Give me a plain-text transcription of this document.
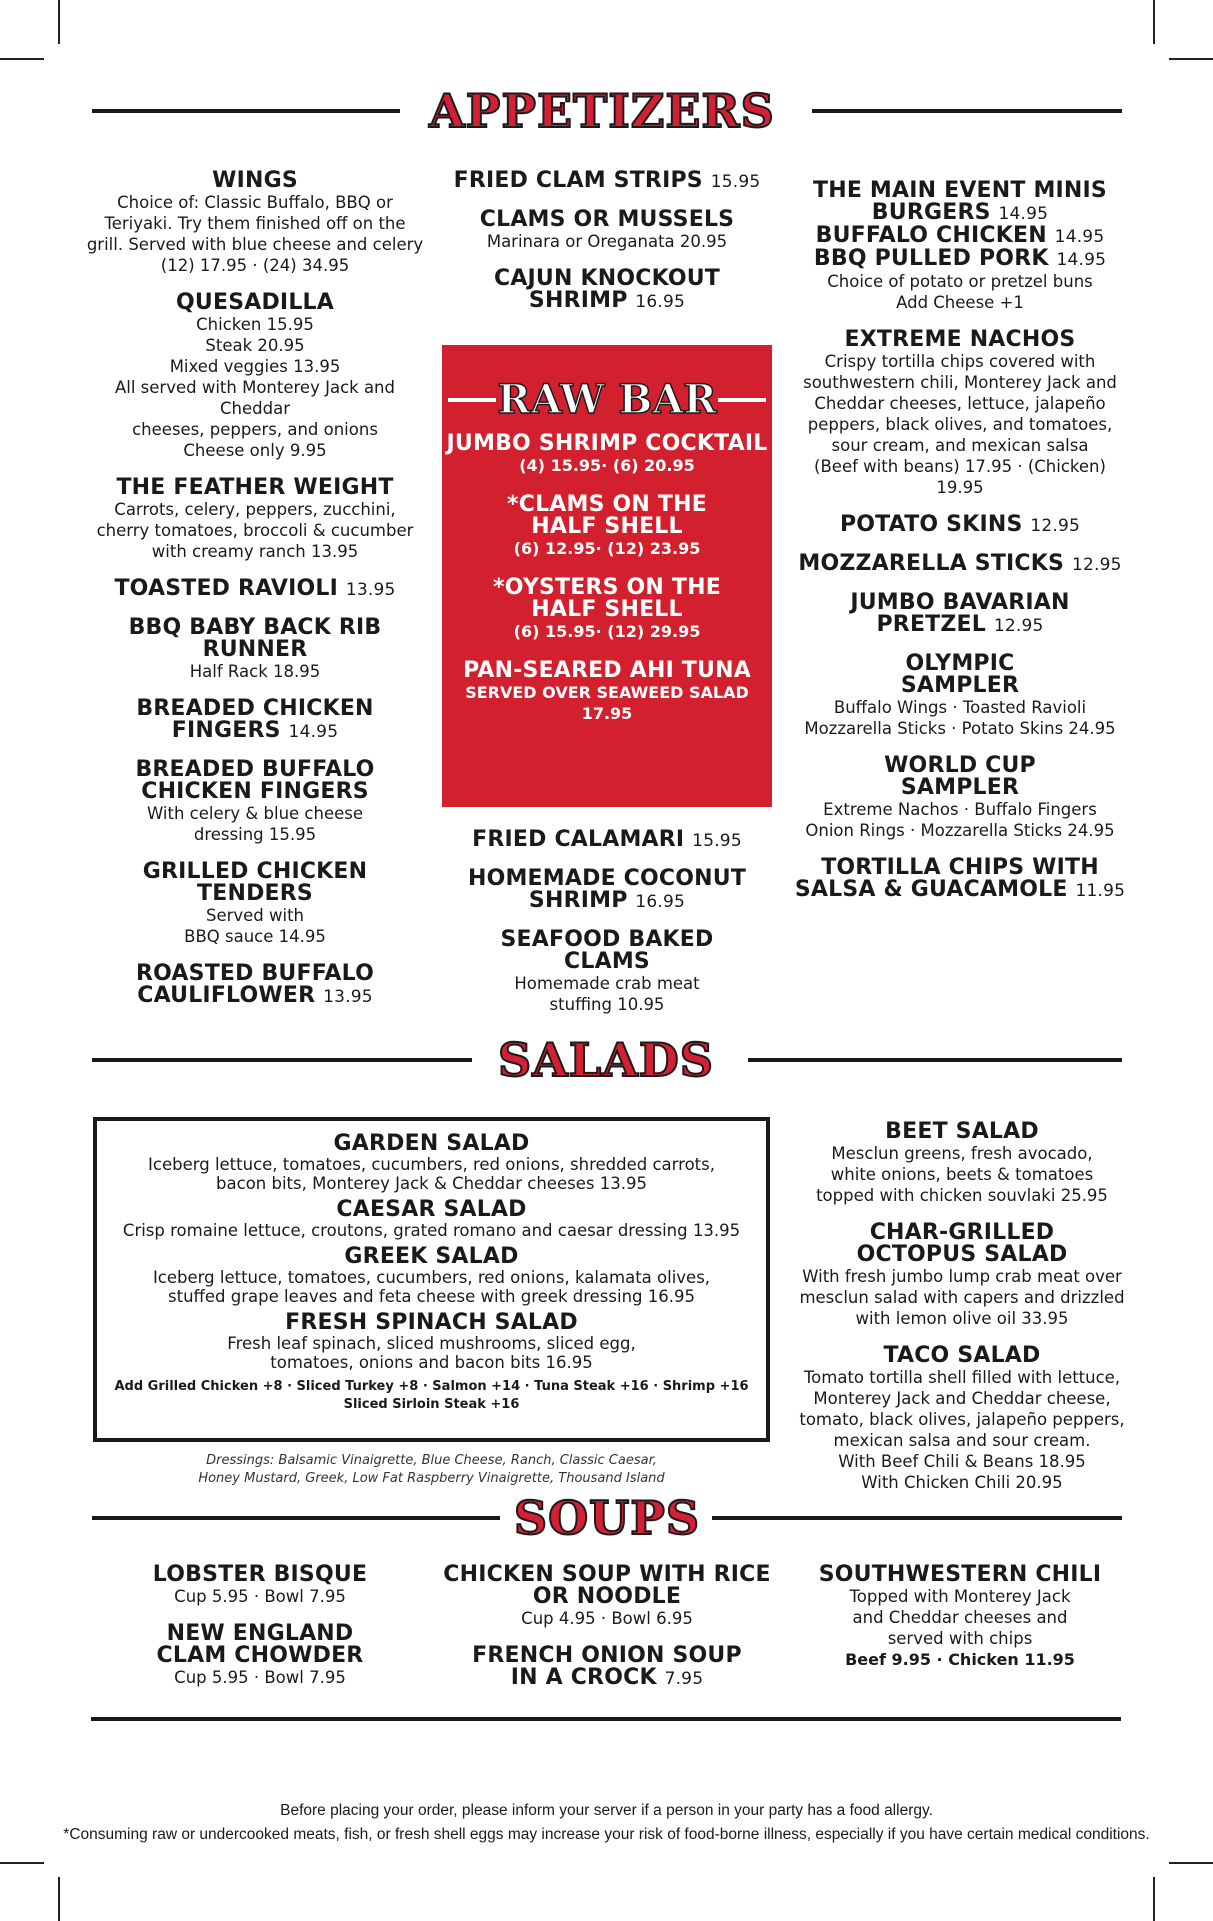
APPETIZERS
WINGS
Choice of: Classic Buffalo, BBQ or
Teriyaki. Try them finished off on the
grill. Served with blue cheese and celery
(12) 17.95 · (24) 34.95
QUESADILLA
Chicken 15.95
Steak 20.95
Mixed veggies 13.95
All served with Monterey Jack and Cheddar
cheeses, peppers, and onions
Cheese only 9.95
THE FEATHER WEIGHT
Carrots, celery, peppers, zucchini,
cherry tomatoes, broccoli & cucumber
with creamy ranch 13.95
TOASTED RAVIOLI 13.95
BBQ BABY BACK RIB
RUNNER
Half Rack 18.95
BREADED CHICKEN
FINGERS 14.95
BREADED BUFFALO
CHICKEN FINGERS
With celery & blue cheese
dressing 15.95
GRILLED CHICKEN
TENDERS
Served with
BBQ sauce 14.95
ROASTED BUFFALO
CAULIFLOWER 13.95
FRIED CLAM STRIPS 15.95
CLAMS OR MUSSELS
Marinara or Oreganata 20.95
CAJUN KNOCKOUT
SHRIMP 16.95
FRIED CALAMARI 15.95
HOMEMADE COCONUT
SHRIMP 16.95
SEAFOOD BAKED
CLAMS
Homemade crab meat
stuffing 10.95
THE MAIN EVENT MINIS
BURGERS 14.95
BUFFALO CHICKEN 14.95
BBQ PULLED PORK 14.95
Choice of potato or pretzel buns
Add Cheese +1
EXTREME NACHOS
Crispy tortilla chips covered with
southwestern chili, Monterey Jack and
Cheddar cheeses, lettuce, jalapeño
peppers, black olives, and tomatoes,
sour cream, and mexican salsa
(Beef with beans) 17.95 · (Chicken) 19.95
POTATO SKINS 12.95
MOZZARELLA STICKS 12.95
JUMBO BAVARIAN
PRETZEL 12.95
OLYMPIC
SAMPLER
Buffalo Wings · Toasted Ravioli
Mozzarella Sticks · Potato Skins 24.95
WORLD CUP
SAMPLER
Extreme Nachos · Buffalo Fingers
Onion Rings · Mozzarella Sticks 24.95
TORTILLA CHIPS WITH
SALSA & GUACAMOLE 11.95
RAW BAR
JUMBO SHRIMP COCKTAIL
(4) 15.95· (6) 20.95
*CLAMS ON THE
HALF SHELL
(6) 12.95· (12) 23.95
*OYSTERS ON THE
HALF SHELL
(6) 15.95· (12) 29.95
PAN-SEARED AHI TUNA
SERVED OVER SEAWEED SALAD
17.95
SALADS
GARDEN SALAD
Iceberg lettuce, tomatoes, cucumbers, red onions, shredded carrots,
bacon bits, Monterey Jack & Cheddar cheeses 13.95
CAESAR SALAD
Crisp romaine lettuce, croutons, grated romano and caesar dressing 13.95
GREEK SALAD
Iceberg lettuce, tomatoes, cucumbers, red onions, kalamata olives,
stuffed grape leaves and feta cheese with greek dressing 16.95
FRESH SPINACH SALAD
Fresh leaf spinach, sliced mushrooms, sliced egg,
tomatoes, onions and bacon bits 16.95
Add Grilled Chicken +8 · Sliced Turkey +8 · Salmon +14 · Tuna Steak +16 · Shrimp +16
Sliced Sirloin Steak +16
Dressings: Balsamic Vinaigrette, Blue Cheese, Ranch, Classic Caesar,
Honey Mustard, Greek, Low Fat Raspberry Vinaigrette, Thousand Island
BEET SALAD
Mesclun greens, fresh avocado,
white onions, beets & tomatoes
topped with chicken souvlaki 25.95
CHAR-GRILLED
OCTOPUS SALAD
With fresh jumbo lump crab meat over
mesclun salad with capers and drizzled
with lemon olive oil 33.95
TACO SALAD
Tomato tortilla shell filled with lettuce,
Monterey Jack and Cheddar cheese,
tomato, black olives, jalapeño peppers,
mexican salsa and sour cream.
With Beef Chili & Beans 18.95
With Chicken Chili 20.95
SOUPS
LOBSTER BISQUE
Cup 5.95 · Bowl 7.95
NEW ENGLAND
CLAM CHOWDER
Cup 5.95 · Bowl 7.95
CHICKEN SOUP WITH RICE
OR NOODLE
Cup 4.95 · Bowl 6.95
FRENCH ONION SOUP
IN A CROCK 7.95
SOUTHWESTERN CHILI
Topped with Monterey Jack
and Cheddar cheeses and
served with chips
Beef 9.95 · Chicken 11.95
Before placing your order, please inform your server if a person in your party has a food allergy.
*Consuming raw or undercooked meats, fish, or fresh shell eggs may increase your risk of food-borne illness, especially if you have certain medical conditions.
